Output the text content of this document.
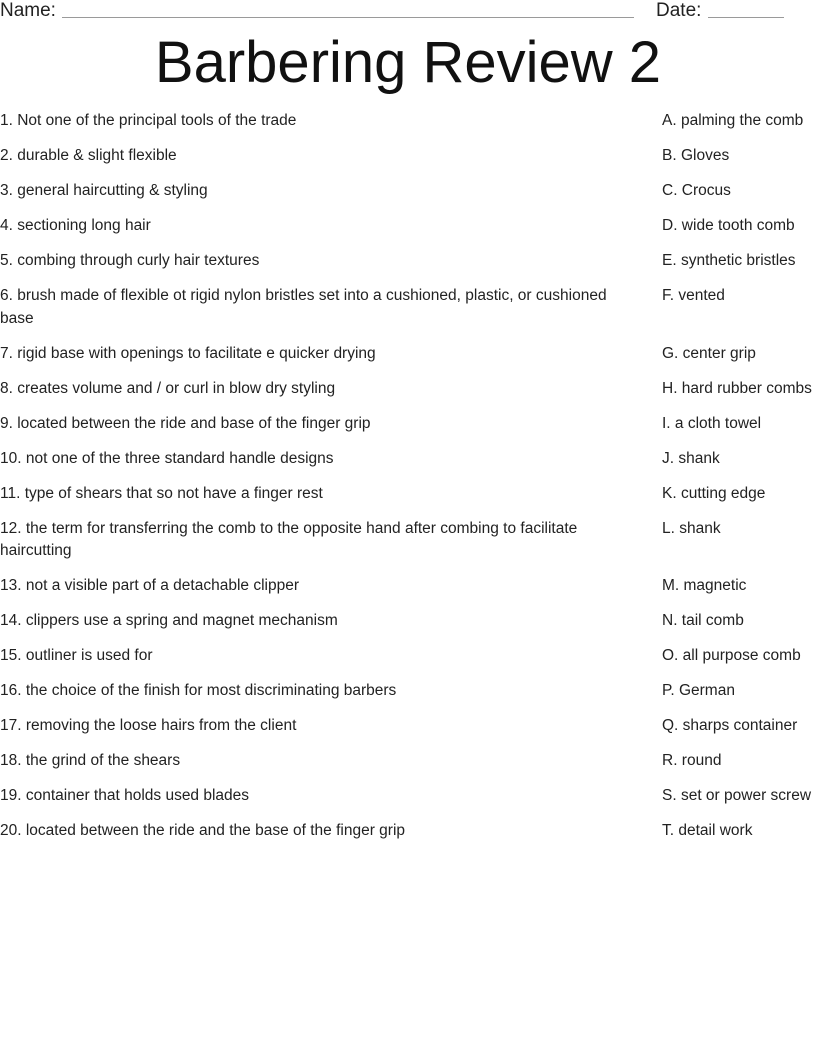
Name:	Date:
Barbering Review 2
1. Not one of the principal tools of the trade	A. palming the comb
2. durable & slight flexible	B. Gloves
3. general haircutting & styling	C. Crocus
4. sectioning long hair	D. wide tooth comb
5. combing through curly hair textures	E. synthetic bristles
6. brush made of flexible ot rigid nylon bristles set into a cushioned, plastic, or cushioned base
F. vented
7. rigid base with openings to facilitate e quicker drying	G. center grip
8. creates volume and / or curl in blow dry styling	H. hard rubber combs
9. located between the ride and base of the finger grip	I. a cloth towel
10. not one of the three standard handle designs	J. shank
11. type of shears that so not have a finger rest	K. cutting edge
12. the term for transferring the comb to the opposite hand after combing to facilitate haircutting
L. shank
13. not a visible part of a detachable clipper	M. magnetic
14. clippers use a spring and magnet mechanism	N. tail comb
15. outliner is used for	O. all purpose comb
16. the choice of the finish for most discriminating barbers	P. German
17. removing the loose hairs from the client	Q. sharps container
18. the grind of the shears	R. round
19. container that holds used blades	S. set or power screw
20. located between the ride and the base of the finger grip	T. detail work
